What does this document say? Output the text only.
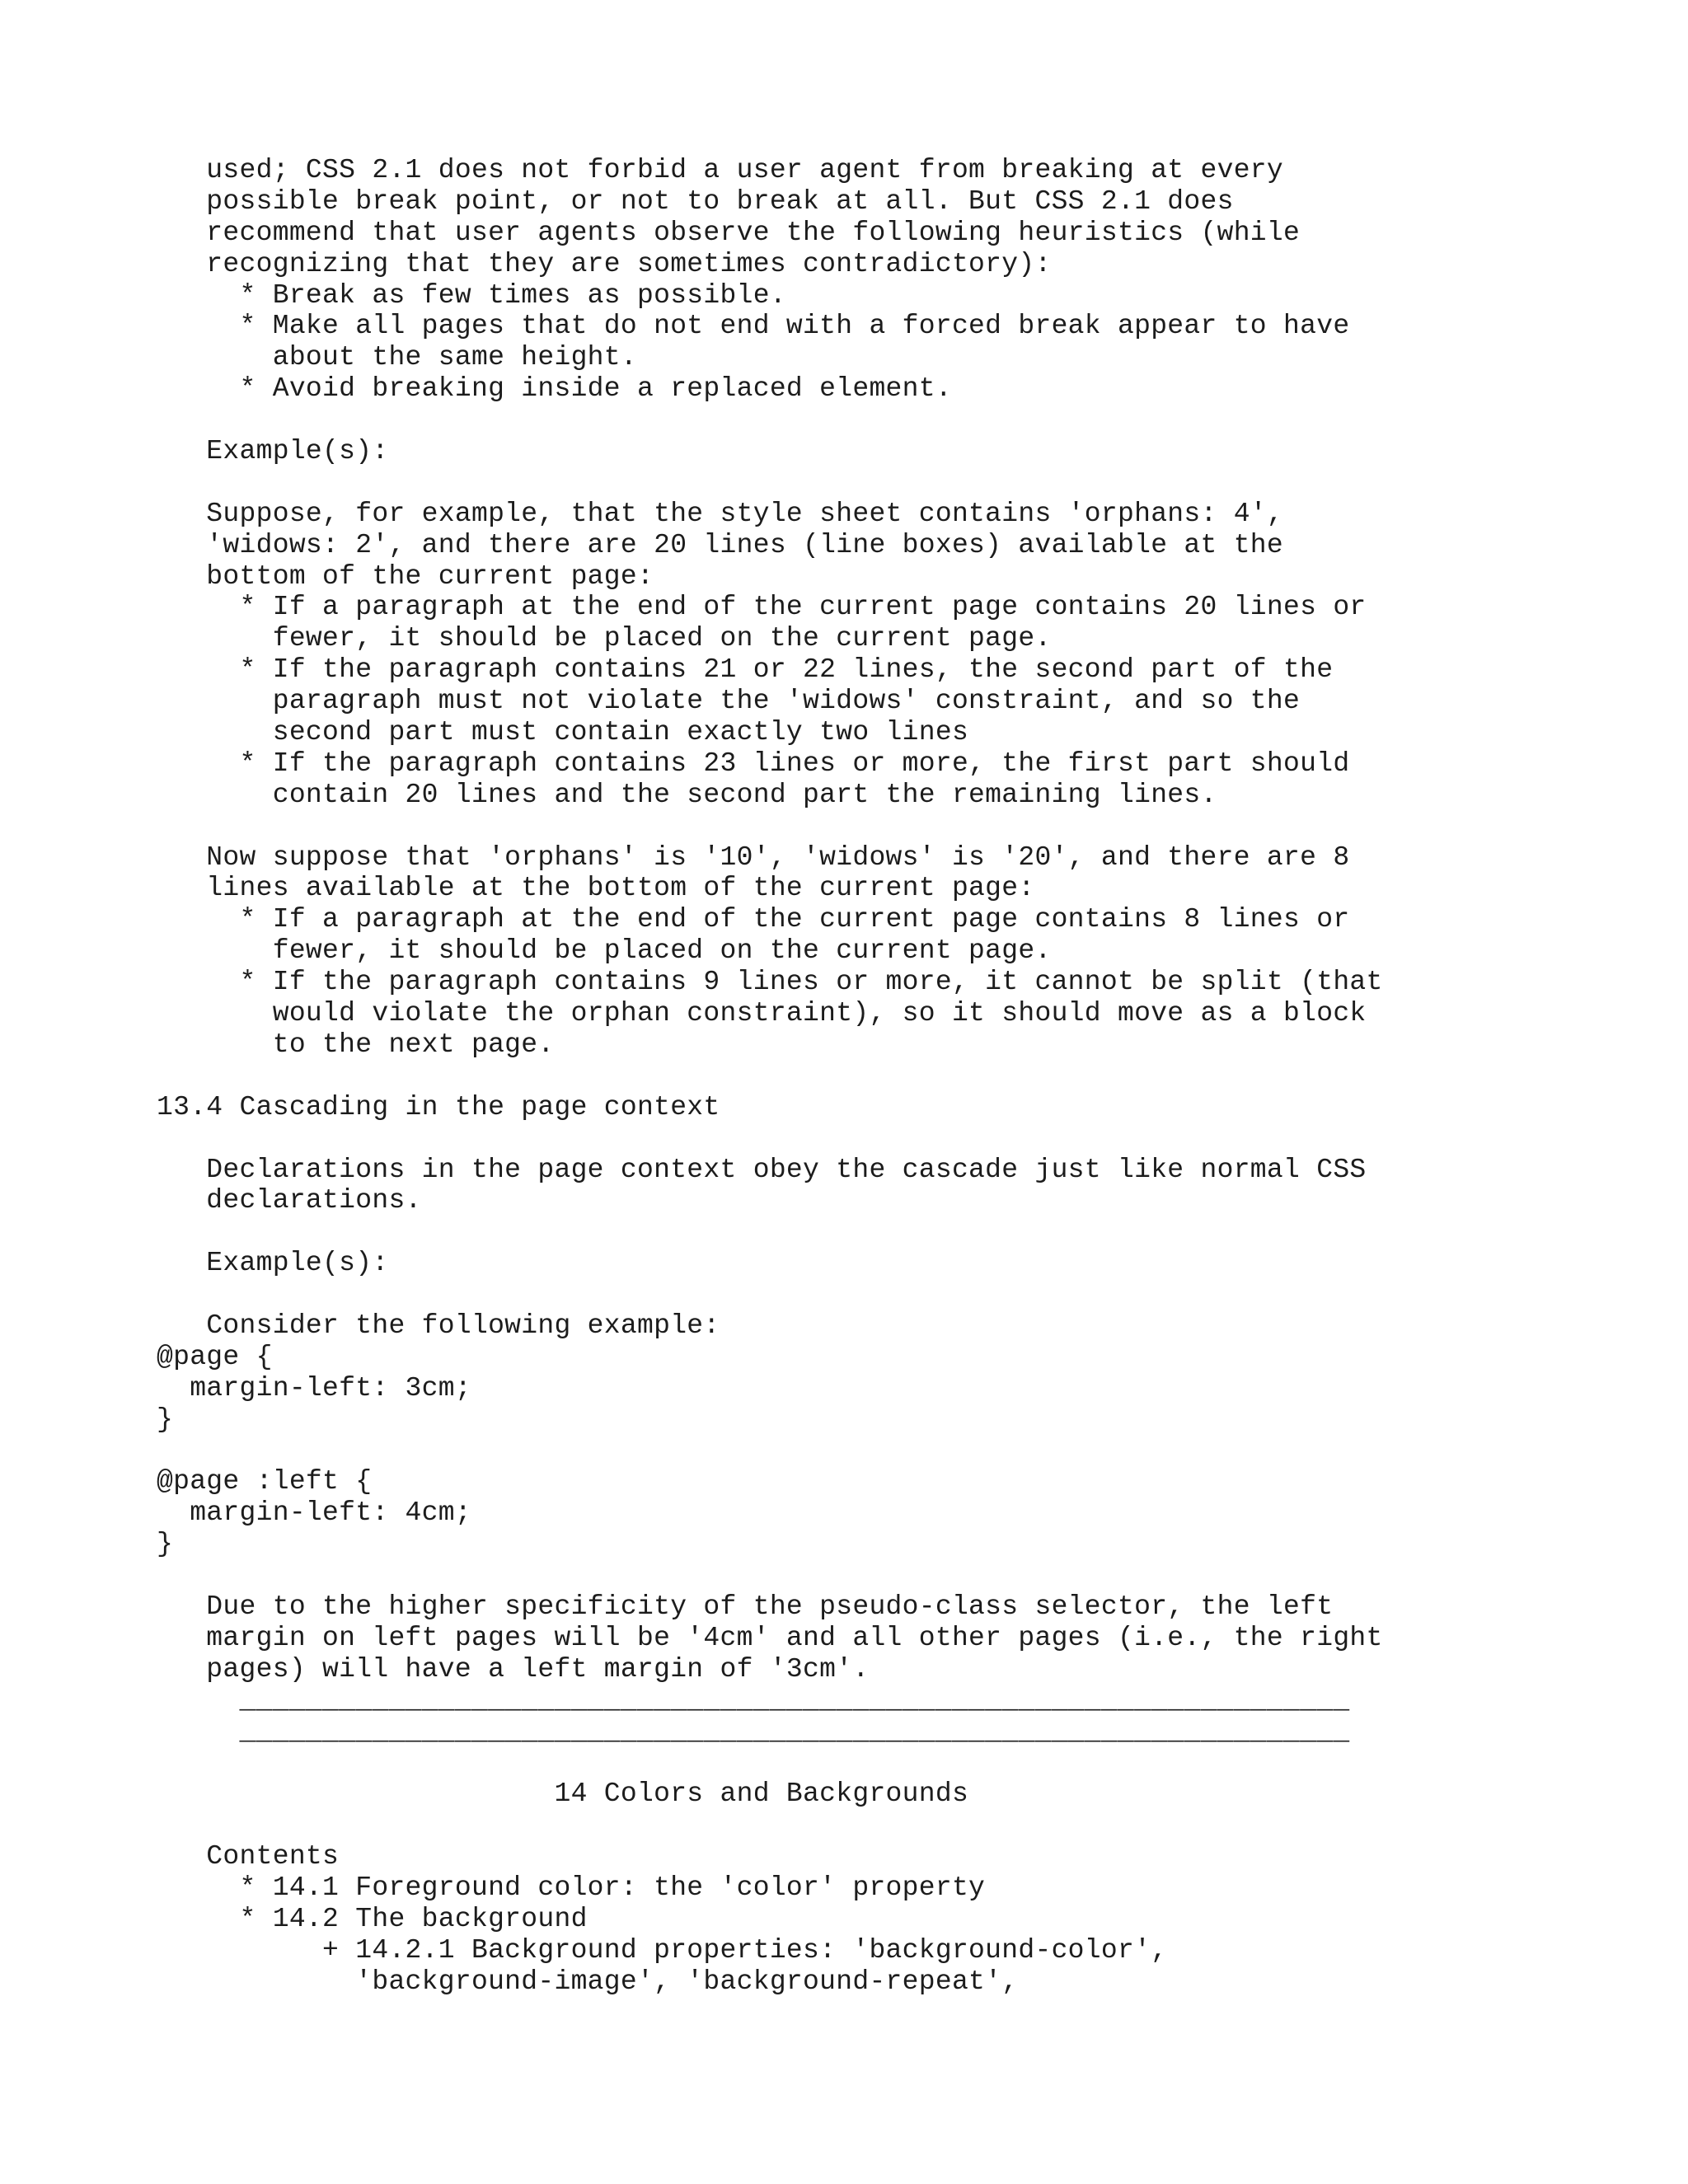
used; CSS 2.1 does not forbid a user agent from breaking at every
possible break point, or not to break at all. But CSS 2.1 does
recommend that user agents observe the following heuristics (while
recognizing that they are sometimes contradictory):
* Break as few times as possible.
* Make all pages that do not end with a forced break appear to have
about the same height.
* Avoid breaking inside a replaced element.
Example(s):
Suppose, for example, that the style sheet contains 'orphans: 4',
'widows: 2', and there are 20 lines (line boxes) available at the
bottom of the current page:
* If a paragraph at the end of the current page contains 20 lines or
fewer, it should be placed on the current page.
* If the paragraph contains 21 or 22 lines, the second part of the
paragraph must not violate the 'widows' constraint, and so the
second part must contain exactly two lines
* If the paragraph contains 23 lines or more, the first part should
contain 20 lines and the second part the remaining lines.
Now suppose that 'orphans' is '10', 'widows' is '20', and there are 8
lines available at the bottom of the current page:
* If a paragraph at the end of the current page contains 8 lines or
fewer, it should be placed on the current page.
* If the paragraph contains 9 lines or more, it cannot be split (that
would violate the orphan constraint), so it should move as a block
to the next page.
13.4 Cascading in the page context
Declarations in the page context obey the cascade just like normal CSS
declarations.
Example(s):
Consider the following example:
@page {
margin-left: 3cm;
}
@page :left {
margin-left: 4cm;
}
Due to the higher specificity of the pseudo-class selector, the left
margin on left pages will be '4cm' and all other pages (i.e., the right
pages) will have a left margin of '3cm'.
___________________________________________________________________
___________________________________________________________________
14 Colors and Backgrounds
Contents
* 14.1 Foreground color: the 'color' property
* 14.2 The background
+ 14.2.1 Background properties: 'background-color',
'background-image', 'background-repeat',
